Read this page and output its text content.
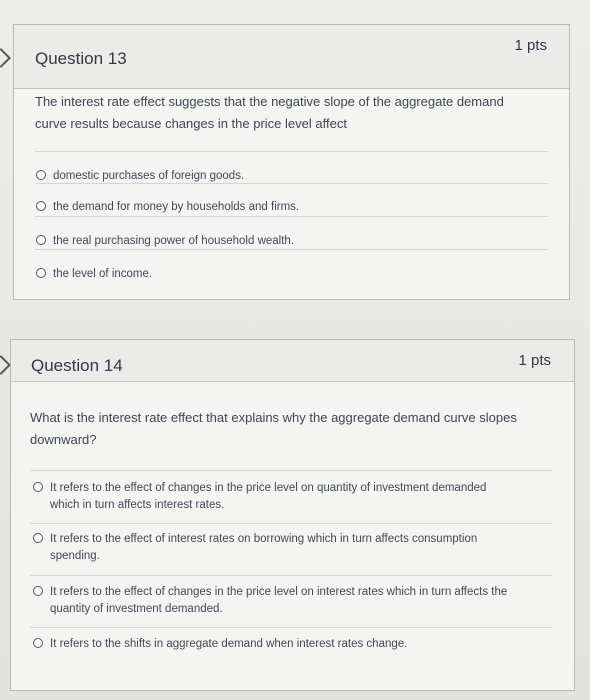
Question 13
1 pts
The interest rate effect suggests that the negative slope of the aggregate demand curve results because changes in the price level affect
domestic purchases of foreign goods.
the demand for money by households and firms.
the real purchasing power of household wealth.
the level of income.
Question 14	1 pts
What is the interest rate effect that explains why the aggregate demand curve slopes downward?
It refers to the effect of changes in the price level on quantity of investment demanded which in turn affects interest rates.
It refers to the effect of interest rates on borrowing which in turn affects consumption spending.
It refers to the effect of changes in the price level on interest rates which in turn affects the quantity of investment demanded.
It refers to the shifts in aggregate demand when interest rates change.
